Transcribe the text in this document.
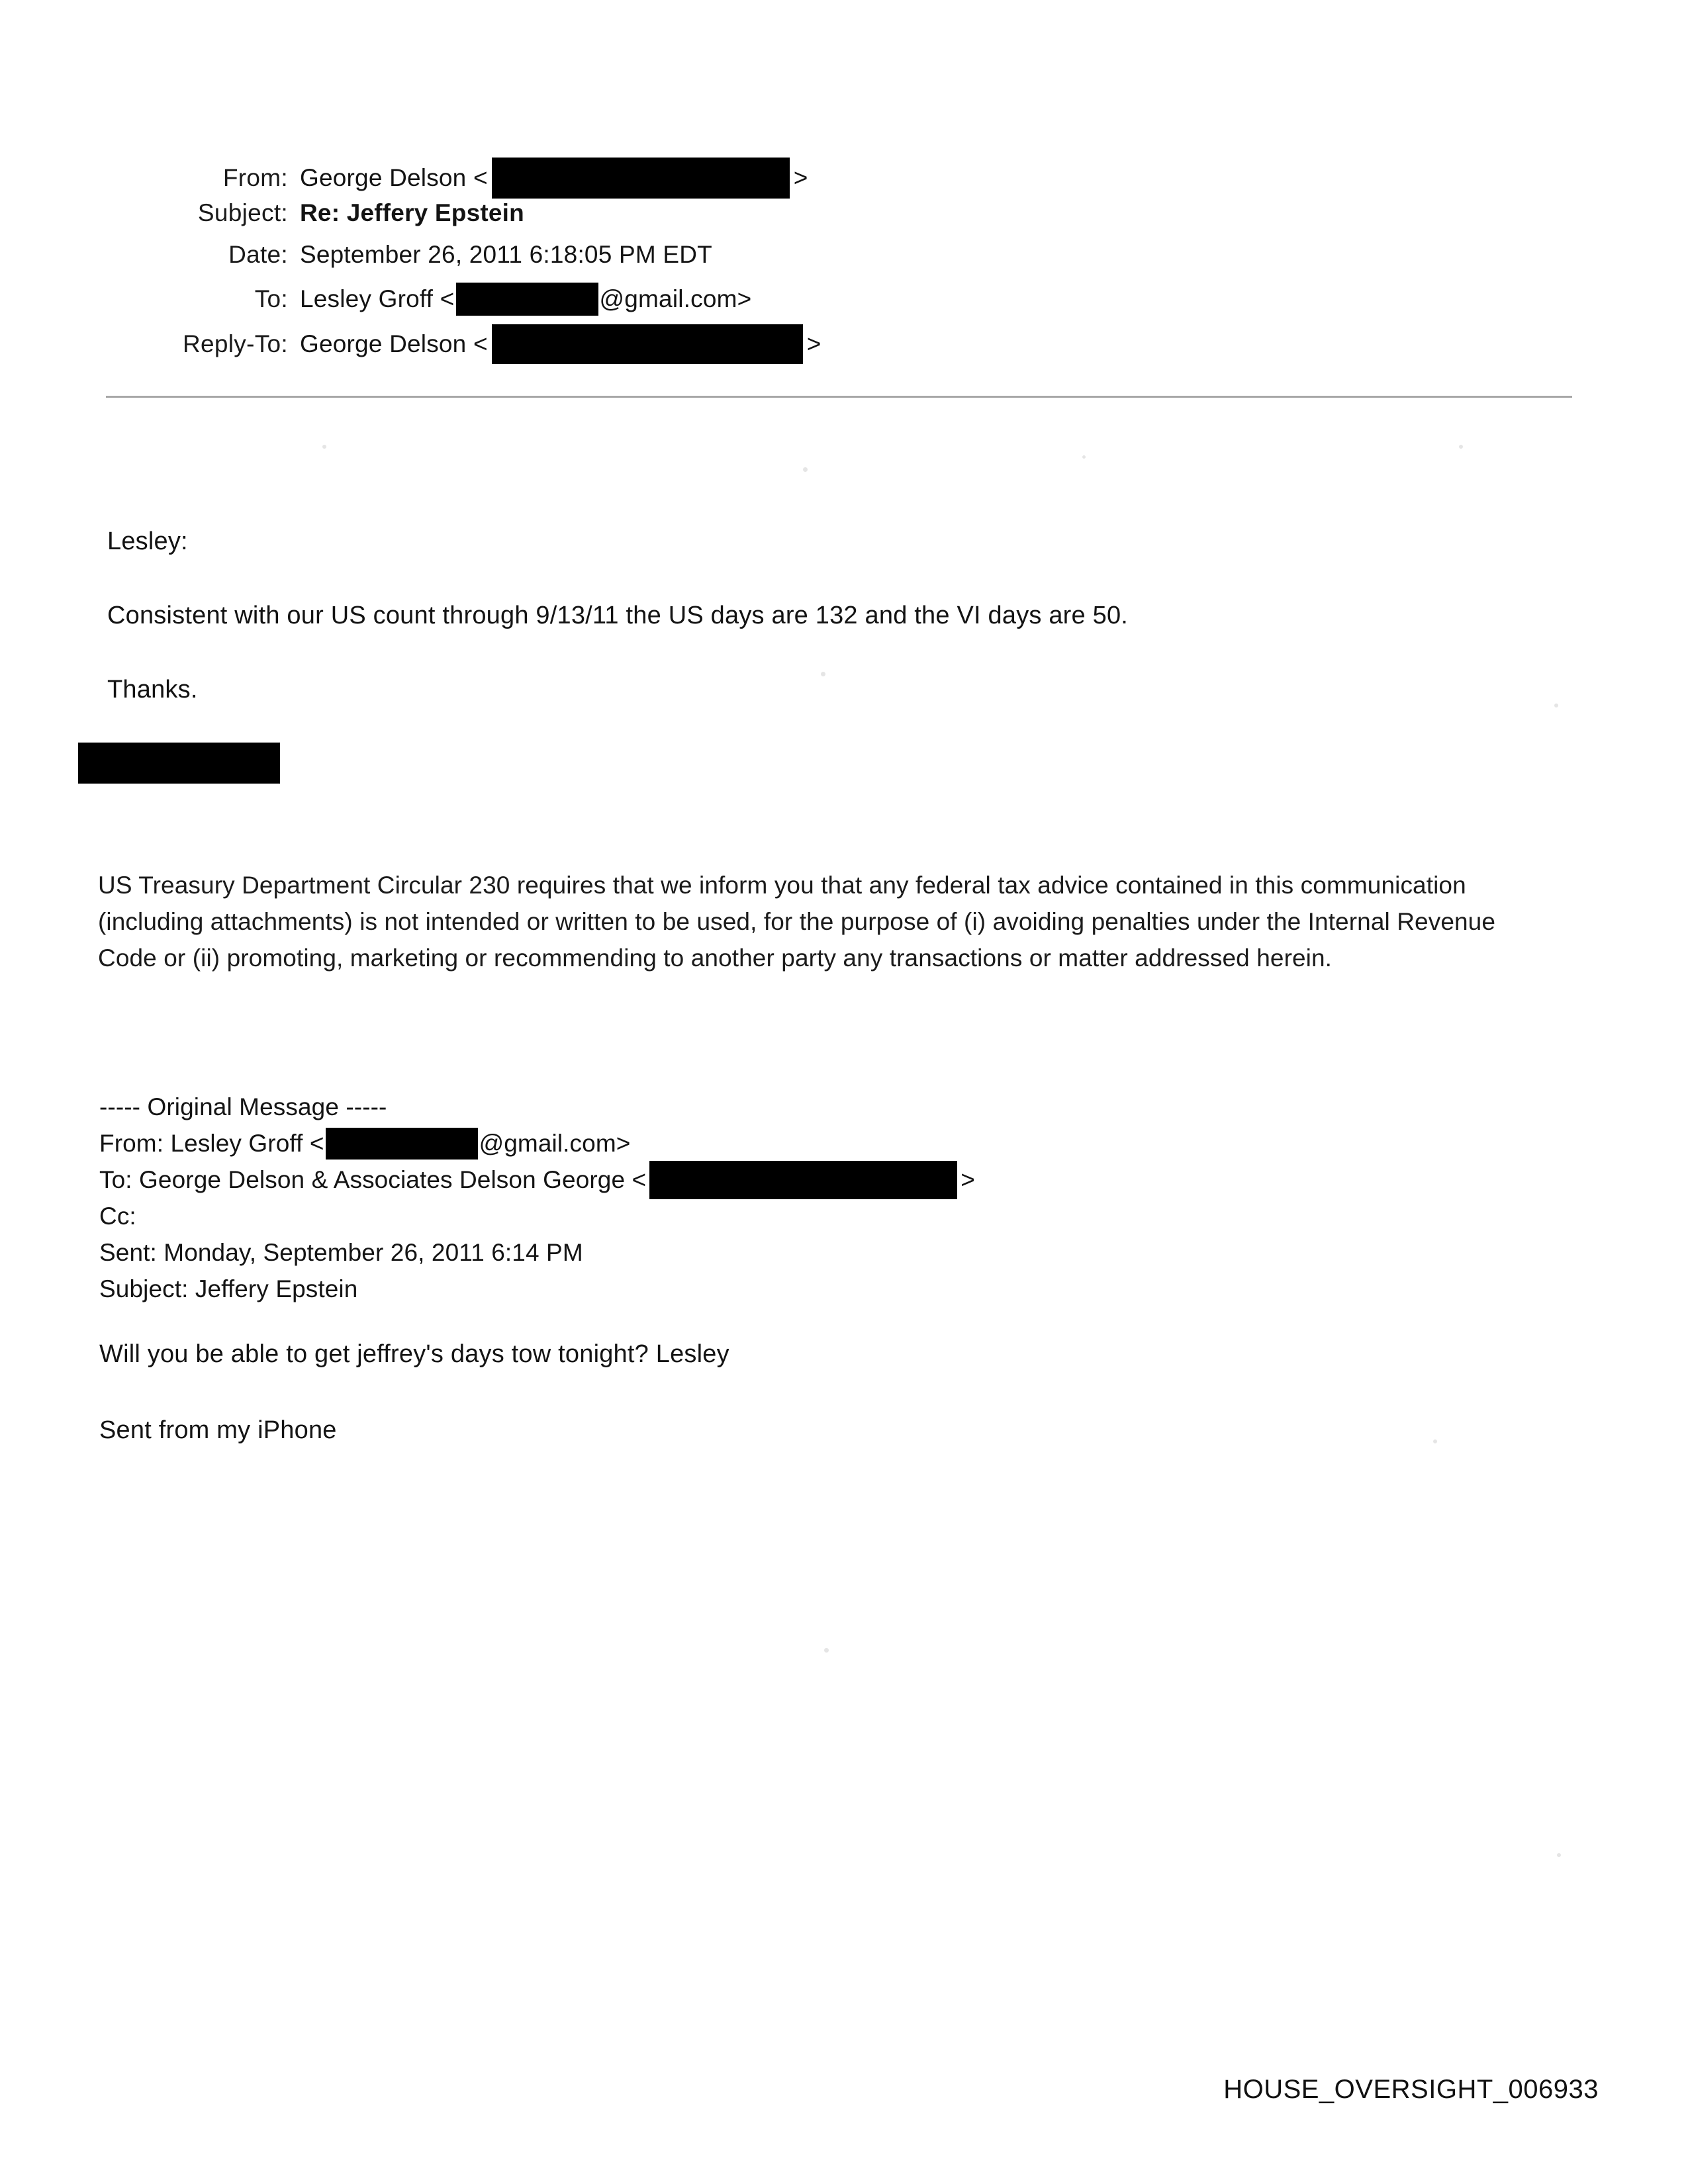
From: George Delson <	>
Subject: Re: Jeffery Epstein
Date: September 26, 2011 6:18:05 PM EDT
To: Lesley Groff <	@gmail.com>
Reply-To: George Delson <	>

Lesley:

Consistent with our US count through 9/13/11 the US days are 132 and the VI days are 50.

Thanks.

US Treasury Department Circular 230 requires that we inform you that any federal tax advice contained in this communication (including attachments) is not intended or written to be used, for the purpose of (i) avoiding penalties under the Internal Revenue Code or (ii) promoting, marketing or recommending to another party any transactions or matter addressed herein.
----- Original Message -----
From: Lesley Groff <	@gmail.com>
To: George Delson & Associates Delson George <	>
Cc:
Sent: Monday, September 26, 2011 6:14 PM
Subject: Jeffery Epstein
Will you be able to get jeffrey's days tow tonight? Lesley
Sent from my iPhone
HOUSE_OVERSIGHT_006933
